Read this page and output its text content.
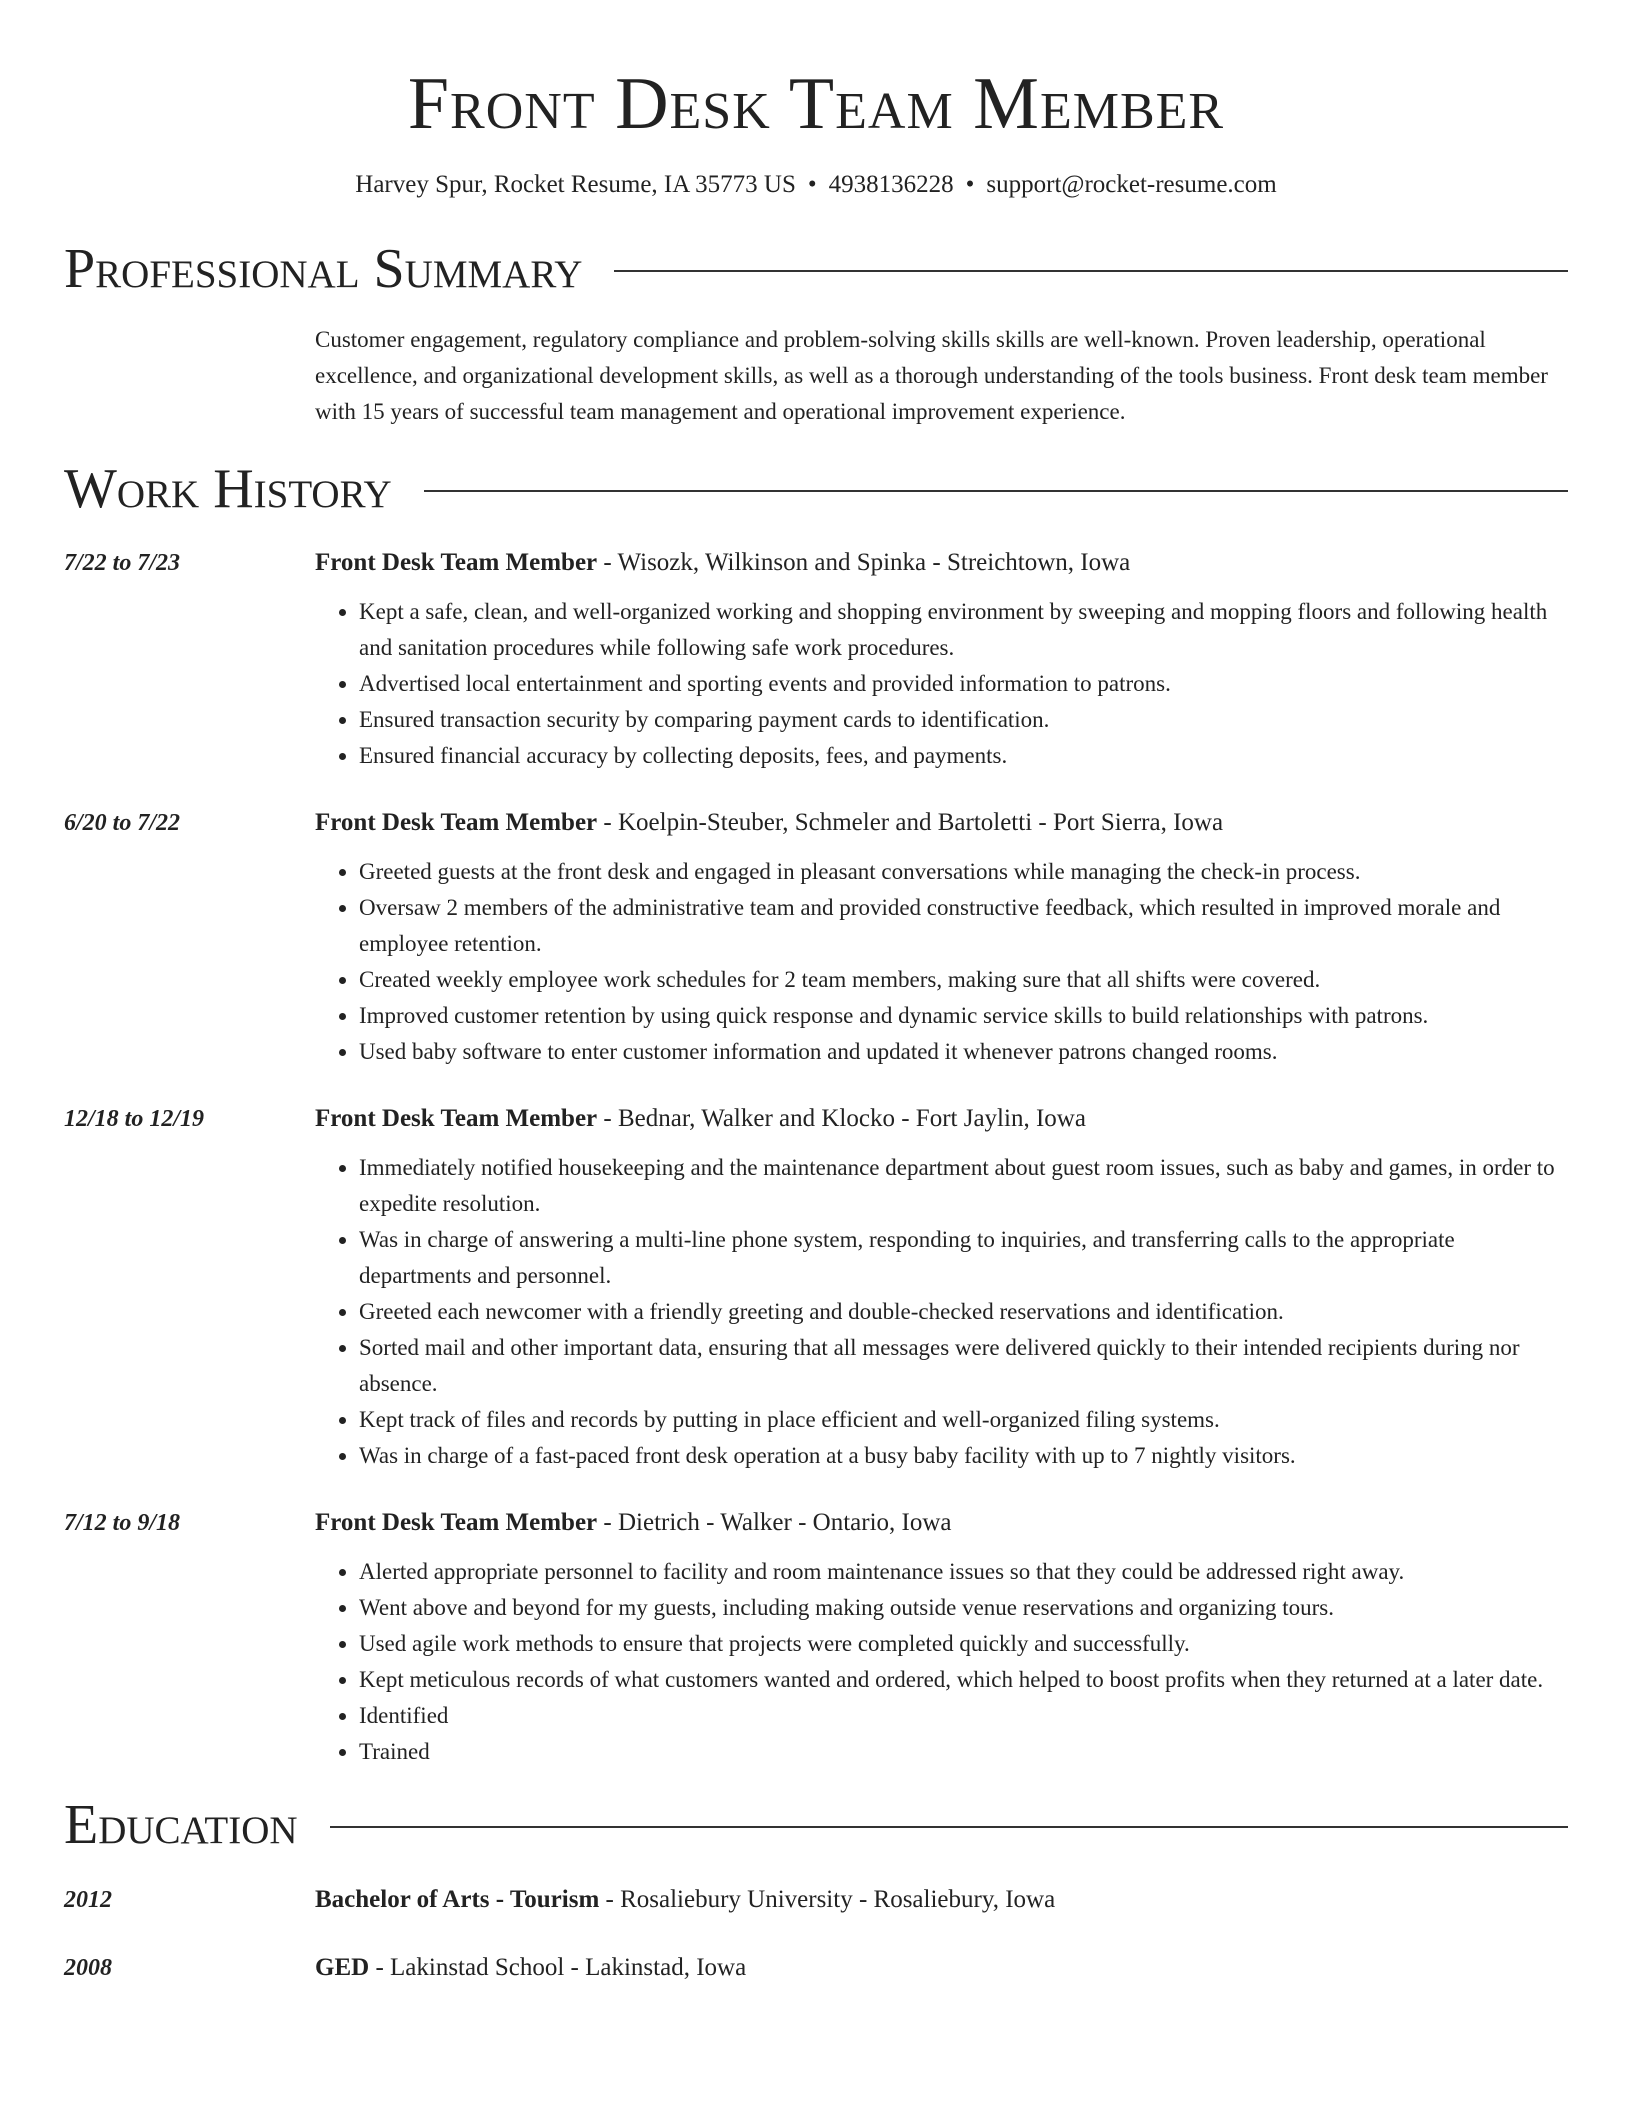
Front Desk Team Member
Harvey Spur, Rocket Resume, IA 35773 US • 4938136228 • support@rocket-resume.com
Professional Summary
Customer engagement, regulatory compliance and problem-solving skills skills are well-known. Proven leadership, operational excellence, and organizational development skills, as well as a thorough understanding of the tools business. Front desk team member with 15 years of successful team management and operational improvement experience.
Work History
7/22 to 7/23	Front Desk Team Member - Wisozk, Wilkinson and Spinka - Streichtown, Iowa
• Kept a safe, clean, and well-organized working and shopping environment by sweeping and mopping floors and following health and sanitation procedures while following safe work procedures.
• Advertised local entertainment and sporting events and provided information to patrons.
• Ensured transaction security by comparing payment cards to identification.
• Ensured financial accuracy by collecting deposits, fees, and payments.
6/20 to 7/22	Front Desk Team Member - Koelpin-Steuber, Schmeler and Bartoletti - Port Sierra, Iowa
• Greeted guests at the front desk and engaged in pleasant conversations while managing the check-in process.
• Oversaw 2 members of the administrative team and provided constructive feedback, which resulted in improved morale and employee retention.
• Created weekly employee work schedules for 2 team members, making sure that all shifts were covered.
• Improved customer retention by using quick response and dynamic service skills to build relationships with patrons.
• Used baby software to enter customer information and updated it whenever patrons changed rooms.
12/18 to 12/19	Front Desk Team Member - Bednar, Walker and Klocko - Fort Jaylin, Iowa
• Immediately notified housekeeping and the maintenance department about guest room issues, such as baby and games, in order to expedite resolution.
• Was in charge of answering a multi-line phone system, responding to inquiries, and transferring calls to the appropriate departments and personnel.
• Greeted each newcomer with a friendly greeting and double-checked reservations and identification.
• Sorted mail and other important data, ensuring that all messages were delivered quickly to their intended recipients during nor absence.
• Kept track of files and records by putting in place efficient and well-organized filing systems.
• Was in charge of a fast-paced front desk operation at a busy baby facility with up to 7 nightly visitors.
7/12 to 9/18	Front Desk Team Member - Dietrich - Walker - Ontario, Iowa
• Alerted appropriate personnel to facility and room maintenance issues so that they could be addressed right away.
• Went above and beyond for my guests, including making outside venue reservations and organizing tours.
• Used agile work methods to ensure that projects were completed quickly and successfully.
• Kept meticulous records of what customers wanted and ordered, which helped to boost profits when they returned at a later date.
• Identified
• Trained
Education
2012	Bachelor of Arts - Tourism - Rosaliebury University - Rosaliebury, Iowa
2008	GED - Lakinstad School - Lakinstad, Iowa
